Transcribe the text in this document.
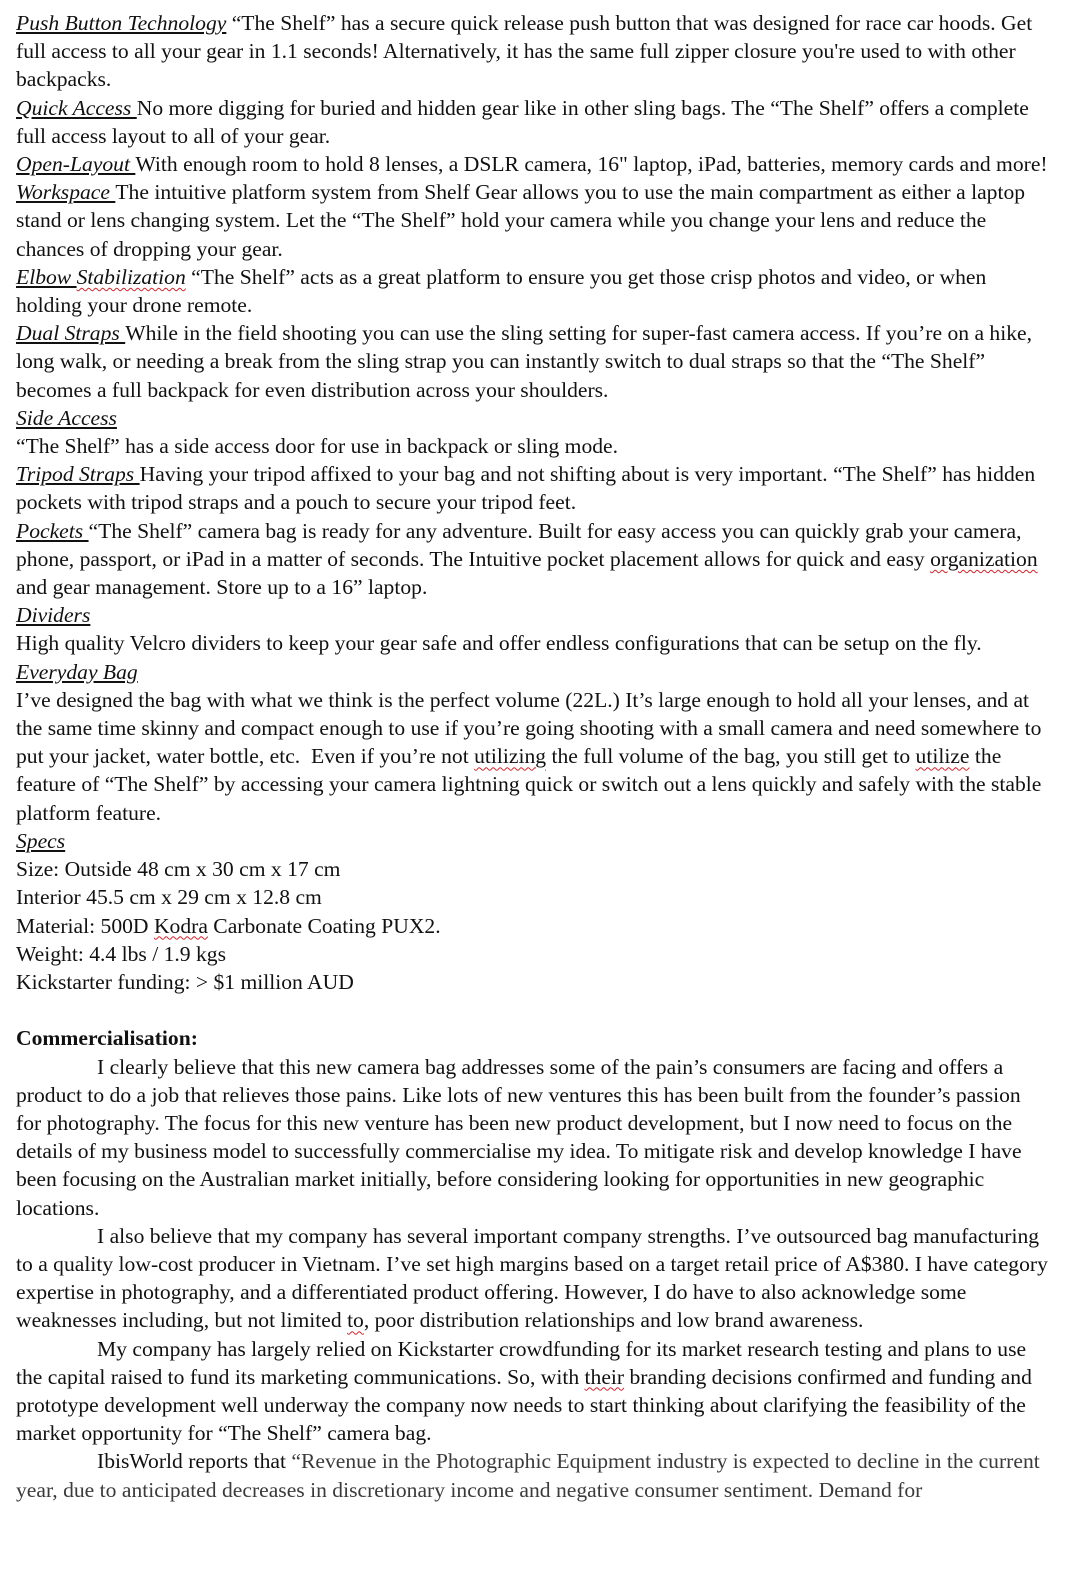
Push Button Technology “The Shelf” has a secure quick release push button that was designed for race car hoods. Get full access to all your gear in 1.1 seconds! Alternatively, it has the same full zipper closure you're used to with other backpacks.

Quick Access No more digging for buried and hidden gear like in other sling bags. The “The Shelf” offers a complete full access layout to all of your gear.

Open-Layout With enough room to hold 8 lenses, a DSLR camera, 16" laptop, iPad, batteries, memory cards and more!

Workspace The intuitive platform system from Shelf Gear allows you to use the main compartment as either a laptop stand or lens changing system. Let the “The Shelf” hold your camera while you change your lens and reduce the chances of dropping your gear.

Elbow Stabilization “The Shelf” acts as a great platform to ensure you get those crisp photos and video, or when holding your drone remote.

Dual Straps While in the field shooting you can use the sling setting for super-fast camera access. If you’re on a hike, long walk, or needing a break from the sling strap you can instantly switch to dual straps so that the “The Shelf” becomes a full backpack for even distribution across your shoulders.

Side Access

“The Shelf” has a side access door for use in backpack or sling mode.

Tripod Straps Having your tripod affixed to your bag and not shifting about is very important. “The Shelf” has hidden pockets with tripod straps and a pouch to secure your tripod feet.

Pockets “The Shelf” camera bag is ready for any adventure. Built for easy access you can quickly grab your camera, phone, passport, or iPad in a matter of seconds. The Intuitive pocket placement allows for quick and easy organization and gear management. Store up to a 16” laptop.

Dividers

High quality Velcro dividers to keep your gear safe and offer endless configurations that can be setup on the fly.

Everyday Bag

I’ve designed the bag with what we think is the perfect volume (22L.) It’s large enough to hold all your lenses, and at the same time skinny and compact enough to use if you’re going shooting with a small camera and need somewhere to put your jacket, water bottle, etc.  Even if you’re not utilizing the full volume of the bag, you still get to utilize the feature of “The Shelf” by accessing your camera lightning quick or switch out a lens quickly and safely with the stable platform feature.

Specs

Size: Outside 48 cm x 30 cm x 17 cm

Interior 45.5 cm x 29 cm x 12.8 cm

Material: 500D Kodra Carbonate Coating PUX2.

Weight: 4.4 lbs / 1.9 kgs

Kickstarter funding: > $1 million AUD

Commercialisation:

I clearly believe that this new camera bag addresses some of the pain’s consumers are facing and offers a product to do a job that relieves those pains. Like lots of new ventures this has been built from the founder’s passion for photography. The focus for this new venture has been new product development, but I now need to focus on the details of my business model to successfully commercialise my idea. To mitigate risk and develop knowledge I have been focusing on the Australian market initially, before considering looking for opportunities in new geographic locations.

I also believe that my company has several important company strengths. I’ve outsourced bag manufacturing to a quality low-cost producer in Vietnam. I’ve set high margins based on a target retail price of A$380. I have category expertise in photography, and a differentiated product offering. However, I do have to also acknowledge some weaknesses including, but not limited to, poor distribution relationships and low brand awareness.

My company has largely relied on Kickstarter crowdfunding for its market research testing and plans to use the capital raised to fund its marketing communications. So, with their branding decisions confirmed and funding and prototype development well underway the company now needs to start thinking about clarifying the feasibility of the market opportunity for “The Shelf” camera bag.

IbisWorld reports that “Revenue in the Photographic Equipment industry is expected to decline in the current year, due to anticipated decreases in discretionary income and negative consumer sentiment. Demand for
